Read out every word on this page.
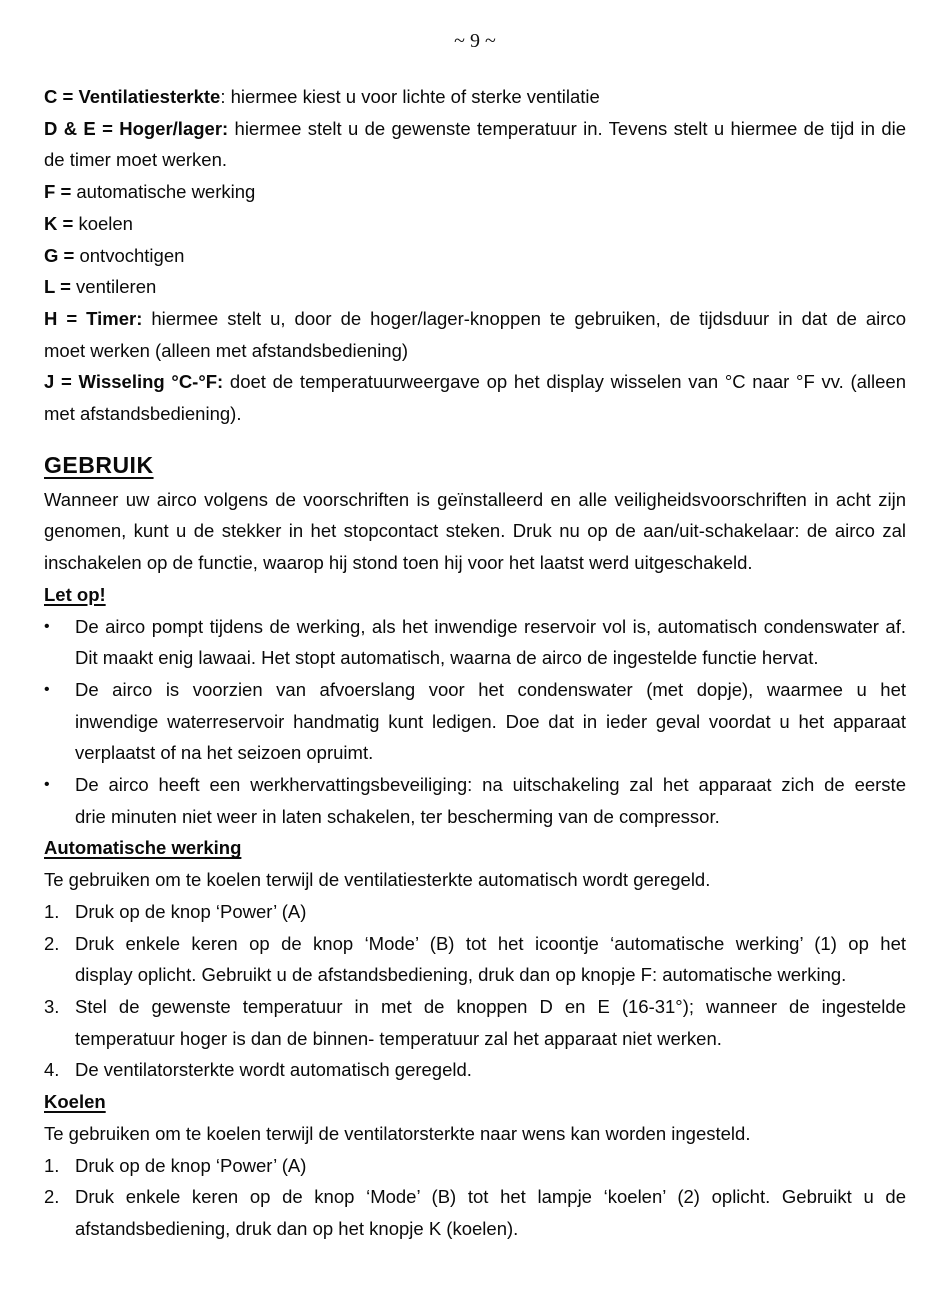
~ 9 ~
C = Ventilatiesterkte: hiermee kiest u voor lichte of sterke ventilatie
D & E = Hoger/lager: hiermee stelt u de gewenste temperatuur in. Tevens stelt u hiermee de tijd in die
de timer moet werken.
F = automatische werking
K = koelen
G = ontvochtigen
L = ventileren
H = Timer: hiermee stelt u, door de hoger/lager-knoppen te gebruiken, de tijdsduur in dat de airco
moet werken (alleen met afstandsbediening)
J = Wisseling °C-°F: doet de temperatuurweergave op het display wisselen van °C naar °F vv. (alleen
met afstandsbediening).
GEBRUIK
Wanneer uw airco volgens de voorschriften is geïnstalleerd en alle veiligheidsvoorschriften in acht zijn
genomen, kunt u de stekker in het stopcontact steken. Druk nu op de aan/uit-schakelaar: de airco zal
inschakelen op de functie, waarop hij stond toen hij voor het laatst werd uitgeschakeld.
Let op!
•	De airco pompt tijdens de werking, als het inwendige reservoir vol is, automatisch condenswater af.
Dit maakt enig lawaai. Het stopt automatisch, waarna de airco de ingestelde functie hervat.
•	De airco is voorzien van afvoerslang voor het condenswater (met dopje), waarmee u het
inwendige waterreservoir handmatig kunt ledigen. Doe dat in ieder geval voordat u het apparaat
verplaatst of na het seizoen opruimt.
•	De airco heeft een werkhervattingsbeveiliging: na uitschakeling zal het apparaat zich de eerste
drie minuten niet weer in laten schakelen, ter bescherming van de compressor.
Automatische werking
Te gebruiken om te koelen terwijl de ventilatiesterkte automatisch wordt geregeld.
1. Druk op de knop ‘Power’ (A)
2. Druk enkele keren op de knop ‘Mode’ (B) tot het icoontje ‘automatische werking’ (1) op het
display oplicht. Gebruikt u de afstandsbediening, druk dan op knopje F: automatische werking.
3. Stel de gewenste temperatuur in met de knoppen D en E (16-31°); wanneer de ingestelde
temperatuur hoger is dan de binnen- temperatuur zal het apparaat niet werken.
4. De ventilatorsterkte wordt automatisch geregeld.
Koelen
Te gebruiken om te koelen terwijl de ventilatorsterkte naar wens kan worden ingesteld.
1. Druk op de knop ‘Power’ (A)
2. Druk enkele keren op de knop ‘Mode’ (B) tot het lampje ‘koelen’ (2) oplicht. Gebruikt u de
afstandsbediening, druk dan op het knopje K (koelen).
